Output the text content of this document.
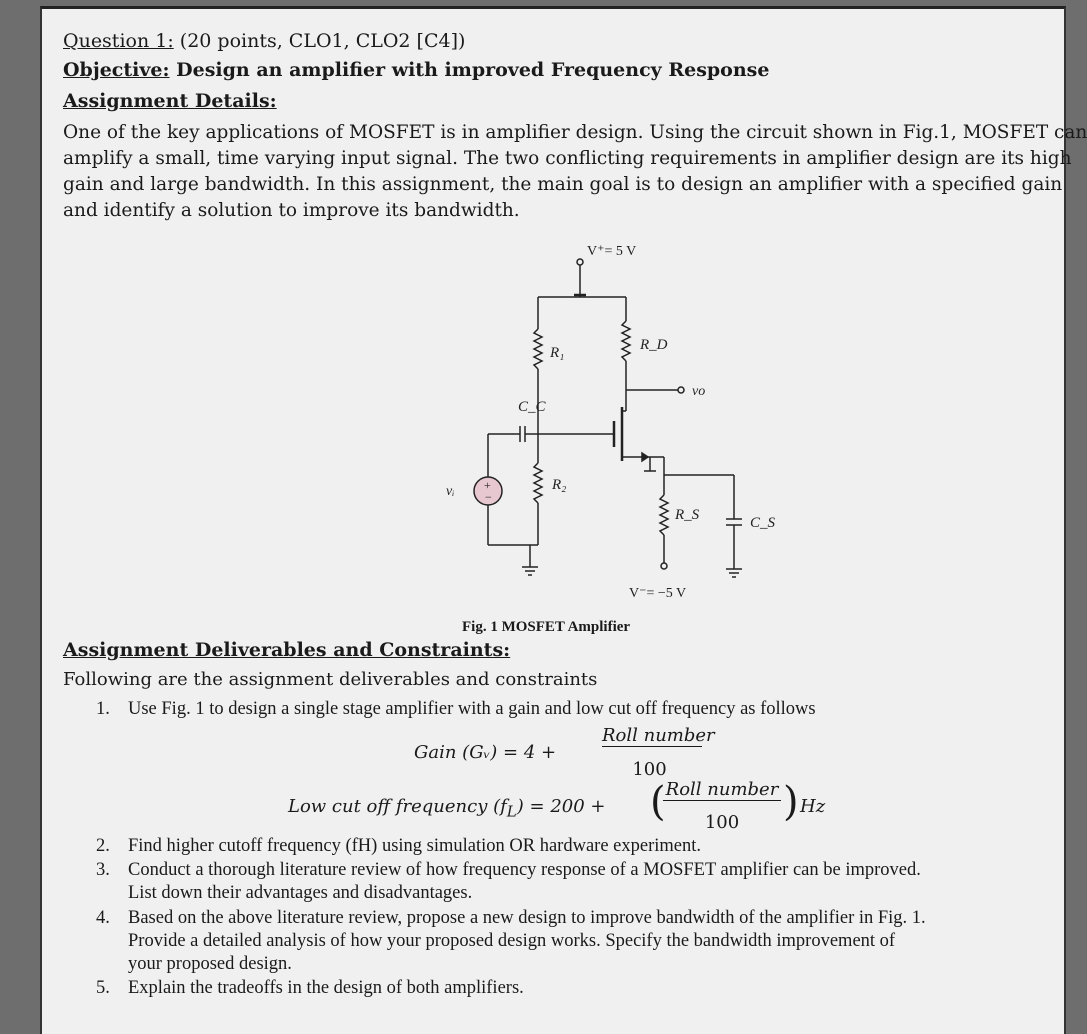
Question 1: (20 points, CLO1, CLO2 [C4])
Objective: Design an amplifier with improved Frequency Response
Assignment Details:
One of the key applications of MOSFET is in amplifier design. Using the circuit shown in Fig.1, MOSFET can
amplify a small, time varying input signal. The two conflicting requirements in amplifier design are its high
gain and large bandwidth. In this assignment, the main goal is to design an amplifier with a specified gain
and identify a solution to improve its bandwidth.
+
−
V⁺= 5 V
R₁	R_D
vo
C_C
R₂
R_S	C_S
vᵢ
V⁻= −5 V
Fig. 1 MOSFET Amplifier
Assignment Deliverables and Constraints:
Following are the assignment deliverables and constraints
1. Use Fig. 1 to design a single stage amplifier with a gain and low cut off frequency as follows
Gain (Gᵥ) = 4 +
Roll number
100
Low cut off frequency $(f_L) = 200$ + ( Roll number
100	) Hz
2. Find higher cutoff frequency (fH) using simulation OR hardware experiment.
3. Conduct a thorough literature review of how frequency response of a MOSFET amplifier can be improved.
List down their advantages and disadvantages.
4. Based on the above literature review, propose a new design to improve bandwidth of the amplifier in Fig. 1.
Provide a detailed analysis of how your proposed design works. Specify the bandwidth improvement of
your proposed design.
5. Explain the tradeoffs in the design of both amplifiers.
